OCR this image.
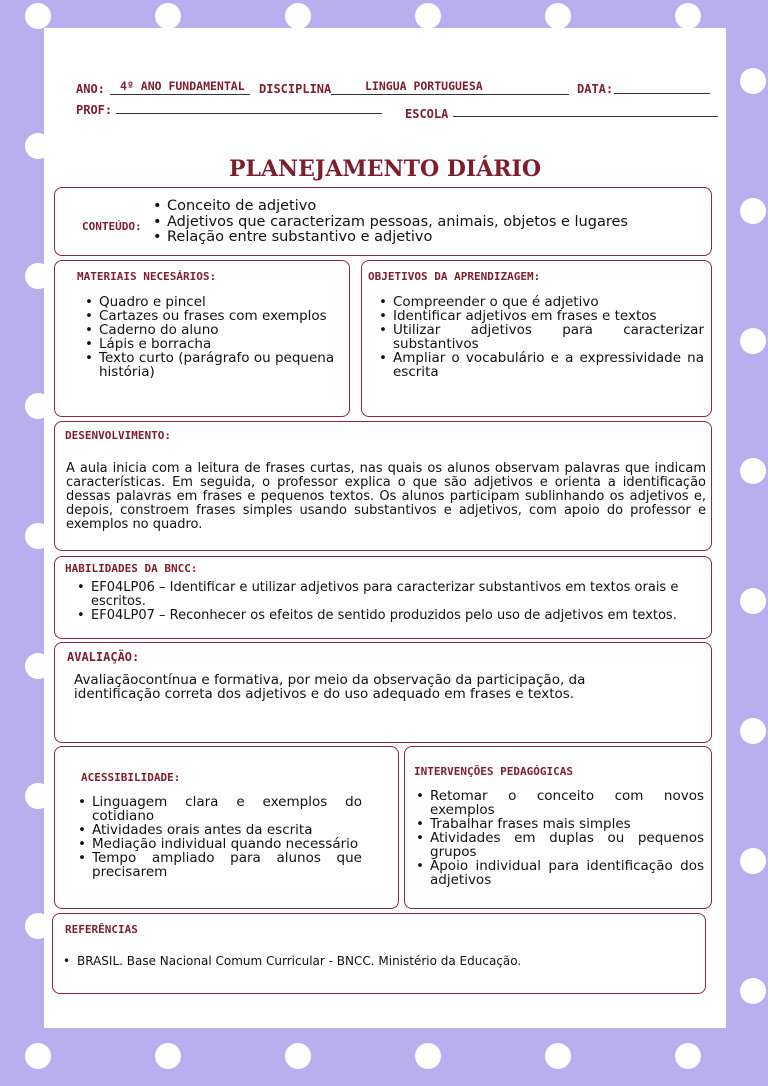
ANO: 4º ANO FUNDAMENTAL DISCIPLINA	LINGUA PORTUGUESA	DATA:
PROF:	ESCOLA
PLANEJAMENTO DIÁRIO
CONTEÚDO:
• Conceito de adjetivo
• Adjetivos que caracterizam pessoas, animais, objetos e lugares
• Relação entre substantivo e adjetivo
MATERIAIS NECESÁRIOS:
• Quadro e pincel
• Cartazes ou frases com exemplos
• Caderno do aluno
• Lápis e borracha
• Texto curto (parágrafo ou pequena história)
OBJETIVOS DA APRENDIZAGEM:
• Compreender o que é adjetivo
• Identificar adjetivos em frases e textos
• Utilizar adjetivos para caracterizar substantivos
• Ampliar o vocabulário e a expressividade na escrita
DESENVOLVIMENTO:
A aula inicia com a leitura de frases curtas, nas quais os alunos observam palavras que indicam características. Em seguida, o professor explica o que são adjetivos e orienta a identificação dessas palavras em frases e pequenos textos. Os alunos participam sublinhando os adjetivos e, depois, constroem frases simples usando substantivos e adjetivos, com apoio do professor e exemplos no quadro.
HABILIDADES DA BNCC:
• EF04LP06 – Identificar e utilizar adjetivos para caracterizar substantivos em textos orais e escritos.
• EF04LP07 – Reconhecer os efeitos de sentido produzidos pelo uso de adjetivos em textos.
AVALIAÇÃO:
Avaliaçãocontínua e formativa, por meio da observação da participação, da identificação correta dos adjetivos e do uso adequado em frases e textos.
ACESSIBILIDADE:
• Linguagem clara e exemplos do cotidiano
• Atividades orais antes da escrita
• Mediação individual quando necessário
• Tempo ampliado para alunos que precisarem
INTERVENÇÕES PEDAGÓGICAS
• Retomar o conceito com novos exemplos
• Trabalhar frases mais simples
• Atividades em duplas ou pequenos grupos
• Apoio individual para identificação dos adjetivos
REFERÊNCIAS
• BRASIL. Base Nacional Comum Curricular - BNCC. Ministério da Educação.
